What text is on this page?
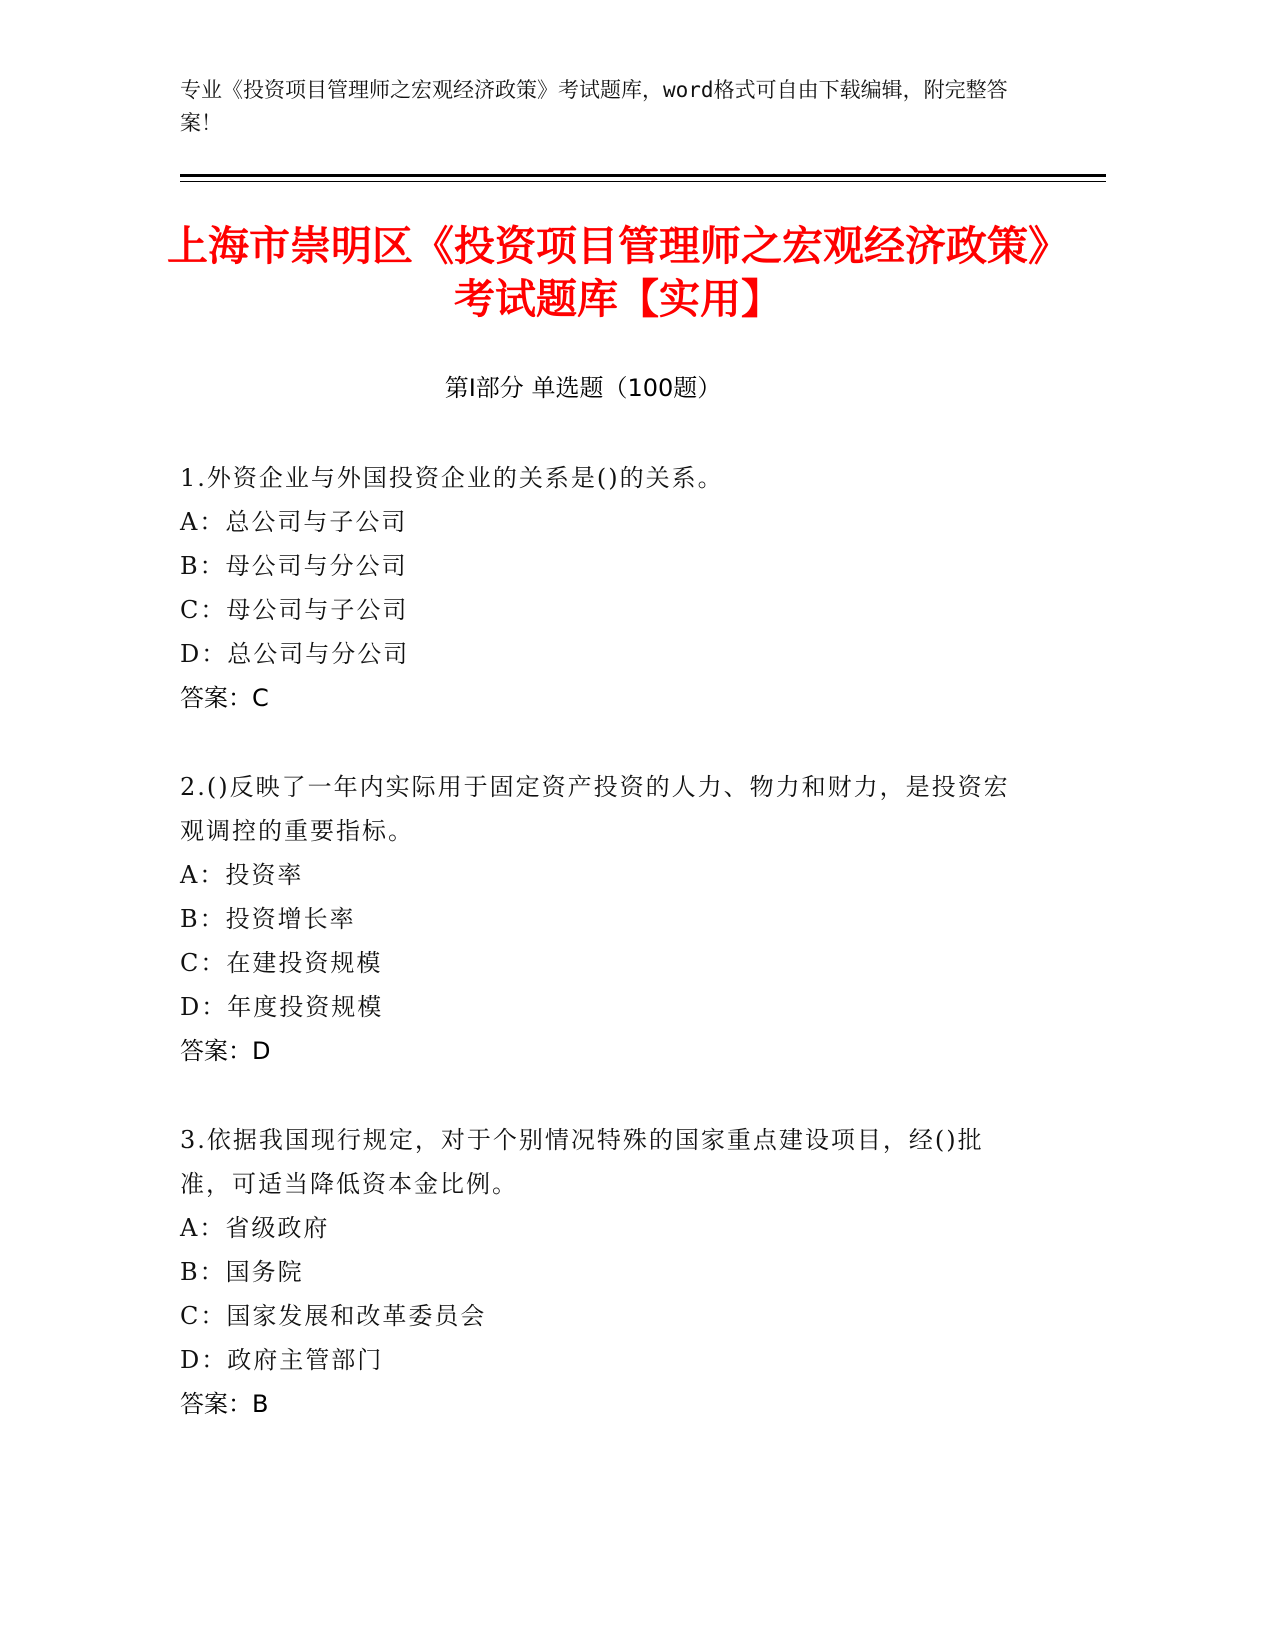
专业《投资项目管理师之宏观经济政策》考试题库，word格式可自由下载编辑，附完整答案！
上海市崇明区《投资项目管理师之宏观经济政策》考试题库【实用】
第Ⅰ部分 单选题（100题）
1.外资企业与外国投资企业的关系是()的关系。
A：总公司与子公司
B：母公司与分公司
C：母公司与子公司
D：总公司与分公司
答案：C
2.()反映了一年内实际用于固定资产投资的人力、物力和财力，是投资宏观调控的重要指标。
A：投资率
B：投资增长率
C：在建投资规模
D：年度投资规模
答案：D
3.依据我国现行规定，对于个别情况特殊的国家重点建设项目，经()批准，可适当降低资本金比例。
A：省级政府
B：国务院
C：国家发展和改革委员会
D：政府主管部门
答案：B
